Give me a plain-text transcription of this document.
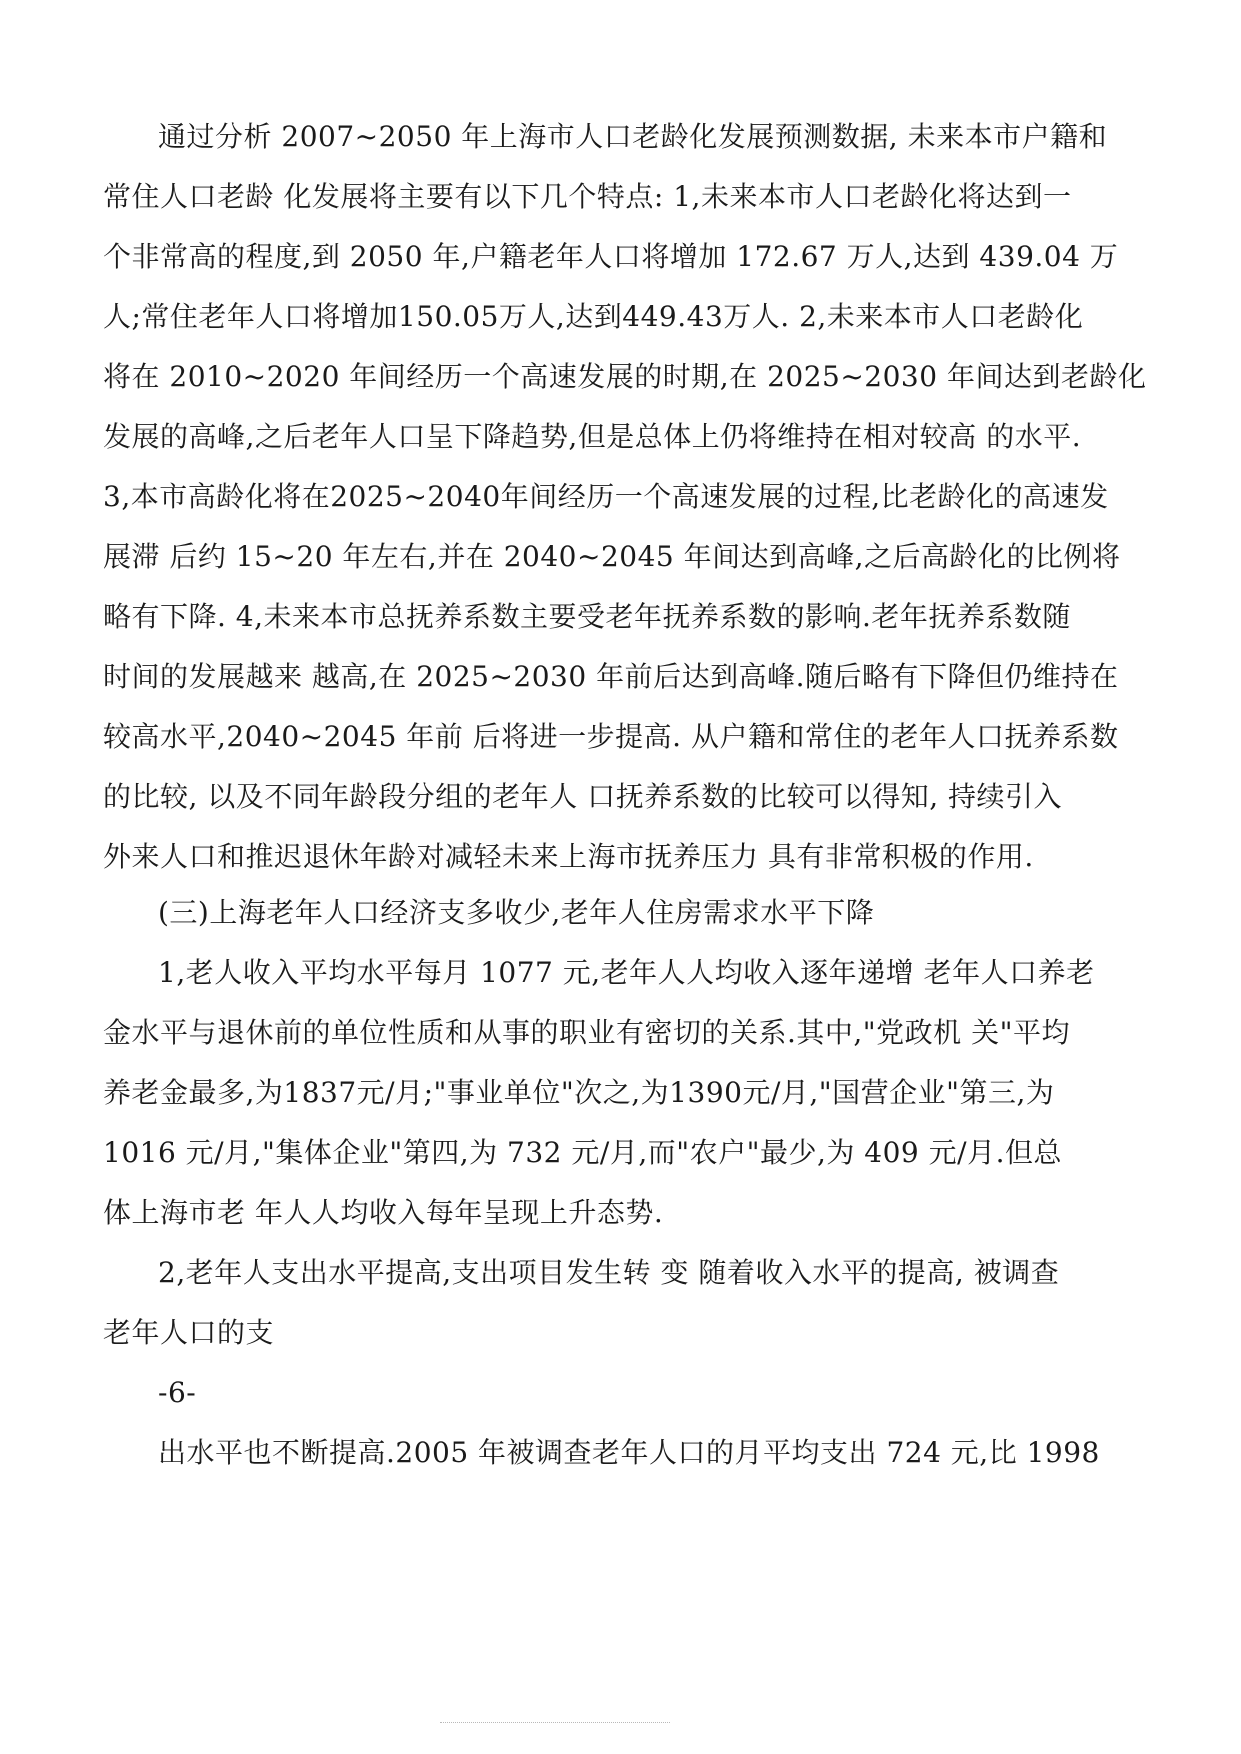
通过分析 2007~2050 年上海市人口老龄化发展预测数据, 未来本市户籍和
常住人口老龄 化发展将主要有以下几个特点: 1,未来本市人口老龄化将达到一
个非常高的程度,到 2050 年,户籍老年人口将增加 172.67 万人,达到 439.04 万
人;常住老年人口将增加150.05万人,达到449.43万人. 2,未来本市人口老龄化
将在 2010~2020 年间经历一个高速发展的时期,在 2025~2030 年间达到老龄化
发展的高峰,之后老年人口呈下降趋势,但是总体上仍将维持在相对较高 的水平.
3,本市高龄化将在2025~2040年间经历一个高速发展的过程,比老龄化的高速发
展滞 后约 15~20 年左右,并在 2040~2045 年间达到高峰,之后高龄化的比例将
略有下降. 4,未来本市总抚养系数主要受老年抚养系数的影响.老年抚养系数随
时间的发展越来 越高,在 2025~2030 年前后达到高峰.随后略有下降但仍维持在
较高水平,2040~2045 年前 后将进一步提高. 从户籍和常住的老年人口抚养系数
的比较, 以及不同年龄段分组的老年人 口抚养系数的比较可以得知, 持续引入
外来人口和推迟退休年龄对减轻未来上海市抚养压力 具有非常积极的作用.
(三)上海老年人口经济支多收少,老年人住房需求水平下降
1,老人收入平均水平每月 1077 元,老年人人均收入逐年递增 老年人口养老
金水平与退休前的单位性质和从事的职业有密切的关系.其中,"党政机 关"平均
养老金最多,为1837元/月;"事业单位"次之,为1390元/月,"国营企业"第三,为
1016 元/月,"集体企业"第四,为 732 元/月,而"农户"最少,为 409 元/月.但总
体上海市老 年人人均收入每年呈现上升态势.
2,老年人支出水平提高,支出项目发生转 变 随着收入水平的提高, 被调查
老年人口的支
-6-
出水平也不断提高.2005 年被调查老年人口的月平均支出 724 元,比 1998
